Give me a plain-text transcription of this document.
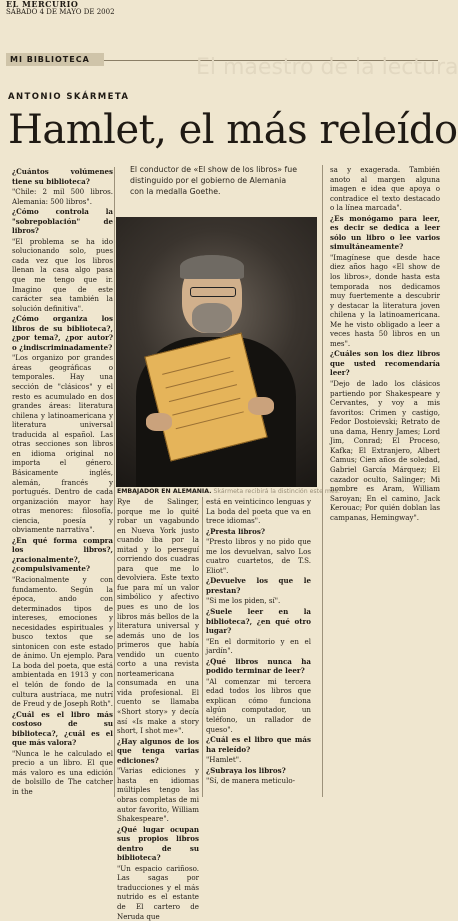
EL MERCURIO
SÁBADO 4 DE MAYO DE 2002
MI BIBLIOTECA	El maestro de la lectura
ANTONIO SKÁRMETA
Hamlet, el más releído

El conductor de «El show de los libros» fue distinguido por el gobierno de Alemania con la medalla Goethe.

EMBAJADOR EN ALEMANIA. Skármeta recibirá la distinción este mes.

¿Cuántos volúmenes tiene su biblioteca?

"Chile: 2 mil 500 libros. Alemania: 500 libros".

¿Cómo controla la "sobrepoblación" de libros?

"El problema se ha ido solucionando solo, pues cada vez que los libros llenan la casa algo pasa que me tengo que ir. Imagino que de este carácter sea también la solución definitiva".

¿Cómo organiza los libros de su biblioteca?, ¿por tema?, ¿por autor? o ¿indiscriminadamente?

"Los organizo por grandes áreas geográficas o temporales. Hay una sección de "clásicos" y el resto es acumulado en dos grandes áreas: literatura chilena y latinoamericana y literatura universal traducida al español. Las otras secciones son libros en idioma original no importa el género. Básicamente inglés, alemán, francés y portugués. Dentro de cada organización mayor hay otras menores: filosofía, ciencia, poesía y obviamente narrativa".

¿En qué forma compra los libros?, ¿racionalmente?, ¿compulsivamente?

"Racionalmente y con fundamento. Según la época, ando con determinados tipos de intereses, emociones y necesidades espirituales y busco textos que se sintonicen con este estado de ánimo. Un ejemplo. Para La boda del poeta, que está ambientada en 1913 y con el telón de fondo de la cultura austríaca, me nutrí de Freud y de Joseph Roth".

¿Cuál es el libro más costoso de su biblioteca?, ¿cuál es el que más valora?

"Nunca le he calculado el precio a un libro. El que más valoro es una edición de bolsillo de The catcher in the

Rye de Salinger, porque me lo quité robar un vagabundo en Nueva York justo cuando iba por la mitad y lo perseguí corriendo dos cuadras para que me lo devolviera. Este texto fue para mí un valor simbólico y afectivo pues es uno de los libros más bellos de la literatura universal y además uno de los primeros que había vendido un cuento corto a una revista norteamericana consumada en una vida profesional. El cuento se llamaba «Short story» y decía así «Is make a story short, I shot me»".

¿Hay algunos de los que tenga varias ediciones?

"Varias ediciones y hasta en idiomas múltiples tengo las obras completas de mi autor favorito, William Shakespeare".

¿Qué lugar ocupan sus propios libros dentro de su biblioteca?

"Un espacio cariñoso. Las sagas por traducciones y el más nutrido es el estante de El cartero de Neruda que

está en veinticinco lenguas y La boda del poeta que va en trece idiomas".

¿Presta libros?

"Presto libros y no pido que me los devuelvan, salvo Los cuatro cuartetos, de T.S. Eliot".

¿Devuelve los que le prestan?

"Si me los piden, sí".

¿Suele leer en la biblioteca?, ¿en qué otro lugar?

"En el dormitorio y en el jardín".

¿Qué libros nunca ha podido terminar de leer?

"Al comenzar mi tercera edad todos los libros que explican cómo funciona algún computador, un teléfono, un rallador de queso".

¿Cuál es el libro que más ha releído?

"Hamlet".

¿Subraya los libros?

"Sí, de manera meticulo-

sa y exagerada. También anoto al margen alguna imagen e idea que apoya o contradice el texto destacado o la línea marcada".

¿Es monógamo para leer, es decir se dedica a leer sólo un libro o lee varios simultáneamente?

"Imagínese que desde hace diez años hago «El show de los libros», donde hasta esta temporada nos dedicamos muy fuertemente a descubrir y destacar la literatura joven chilena y la latinoamericana. Me he visto obligado a leer a veces hasta 50 libros en un mes".

¿Cuáles son los diez libros que usted recomendaría leer?

"Dejo de lado los clásicos partiendo por Shakespeare y Cervantes, y voy a mis favoritos: Crimen y castigo, Fedor Dostoievski; Retrato de una dama, Henry James; Lord Jim, Conrad; El Proceso, Kafka; El Extranjero, Albert Camus; Cien años de soledad, Gabriel García Márquez; El cazador oculto, Salinger; Mi nombre es Aram, William Saroyan; En el camino, Jack Kerouac; Por quién doblan las campanas, Hemingway".
